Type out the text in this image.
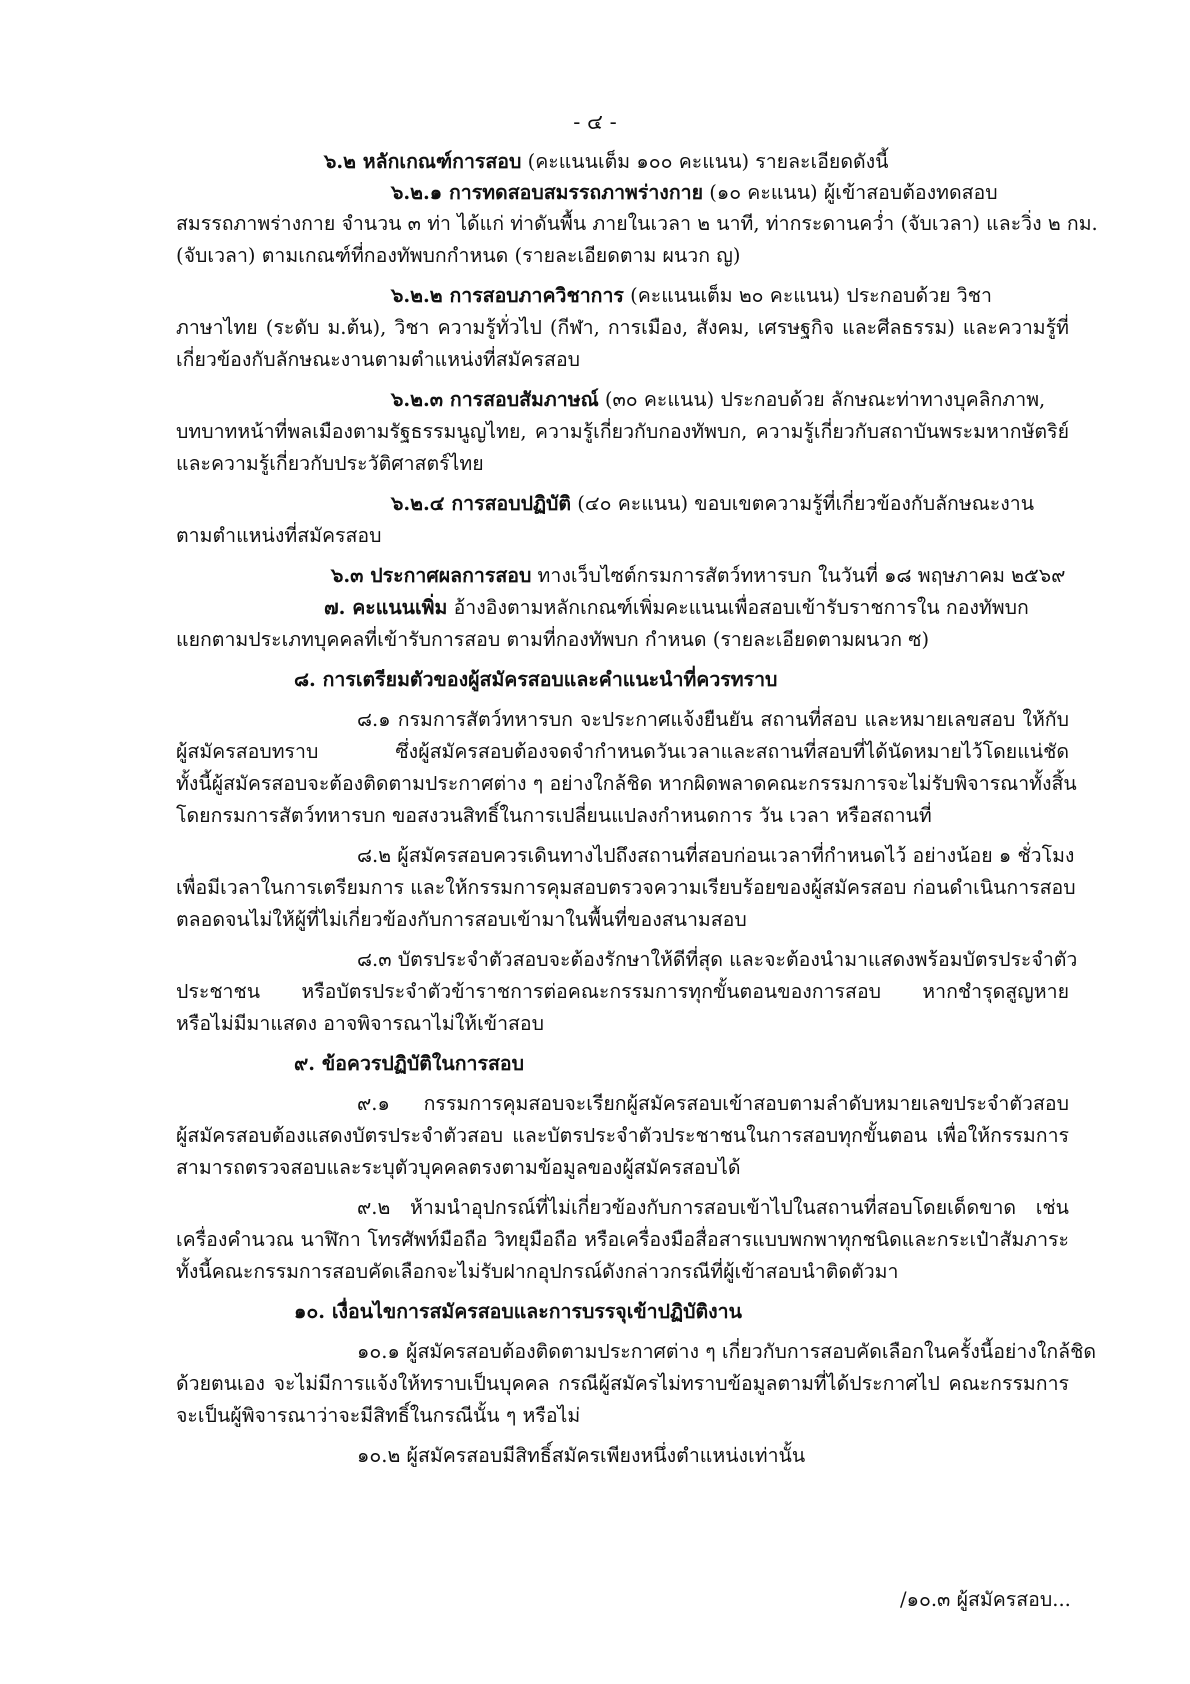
- ๔ -
๖.๒ หลักเกณฑ์การสอบ (คะแนนเต็ม ๑๐๐ คะแนน) รายละเอียดดังนี้
๖.๒.๑ การทดสอบสมรรถภาพร่างกาย (๑๐ คะแนน) ผู้เข้าสอบต้องทดสอบ
สมรรถภาพร่างกาย จำนวน ๓ ท่า ได้แก่ ท่าดันพื้น ภายในเวลา ๒ นาที, ท่ากระดานคว่ำ (จับเวลา) และวิ่ง ๒ กม.
(จับเวลา) ตามเกณฑ์ที่กองทัพบกกำหนด (รายละเอียดตาม ผนวก ญ)
๖.๒.๒ การสอบภาควิชาการ (คะแนนเต็ม ๒๐ คะแนน) ประกอบด้วย วิชา
ภาษาไทย (ระดับ ม.ต้น), วิชา ความรู้ทั่วไป (กีฬา, การเมือง, สังคม, เศรษฐกิจ และศีลธรรม) และความรู้ที่
เกี่ยวข้องกับลักษณะงานตามตำแหน่งที่สมัครสอบ
๖.๒.๓ การสอบสัมภาษณ์ (๓๐ คะแนน) ประกอบด้วย ลักษณะท่าทางบุคลิกภาพ,
บทบาทหน้าที่พลเมืองตามรัฐธรรมนูญไทย, ความรู้เกี่ยวกับกองทัพบก, ความรู้เกี่ยวกับสถาบันพระมหากษัตริย์
และความรู้เกี่ยวกับประวัติศาสตร์ไทย
๖.๒.๔ การสอบปฏิบัติ (๔๐ คะแนน) ขอบเขตความรู้ที่เกี่ยวข้องกับลักษณะงาน
ตามตำแหน่งที่สมัครสอบ
๖.๓ ประกาศผลการสอบ ทางเว็บไซต์กรมการสัตว์ทหารบก ในวันที่ ๑๘ พฤษภาคม ๒๕๖๙
๗. คะแนนเพิ่ม อ้างอิงตามหลักเกณฑ์เพิ่มคะแนนเพื่อสอบเข้ารับราชการใน กองทัพบก
แยกตามประเภทบุคคลที่เข้ารับการสอบ ตามที่กองทัพบก กำหนด (รายละเอียดตามผนวก ซ)
๘. การเตรียมตัวของผู้สมัครสอบและคำแนะนำที่ควรทราบ
๘.๑ กรมการสัตว์ทหารบก จะประกาศแจ้งยืนยัน สถานที่สอบ และหมายเลขสอบ ให้กับ
ผู้สมัครสอบทราบ ซึ่งผู้สมัครสอบต้องจดจำกำหนดวันเวลาและสถานที่สอบที่ได้นัดหมายไว้โดยแน่ชัด
ทั้งนี้ผู้สมัครสอบจะต้องติดตามประกาศต่าง ๆ อย่างใกล้ชิด หากผิดพลาดคณะกรรมการจะไม่รับพิจารณาทั้งสิ้น
โดยกรมการสัตว์ทหารบก ขอสงวนสิทธิ์ในการเปลี่ยนแปลงกำหนดการ วัน เวลา หรือสถานที่
๘.๒ ผู้สมัครสอบควรเดินทางไปถึงสถานที่สอบก่อนเวลาที่กำหนดไว้ อย่างน้อย ๑ ชั่วโมง
เพื่อมีเวลาในการเตรียมการ และให้กรรมการคุมสอบตรวจความเรียบร้อยของผู้สมัครสอบ ก่อนดำเนินการสอบ
ตลอดจนไม่ให้ผู้ที่ไม่เกี่ยวข้องกับการสอบเข้ามาในพื้นที่ของสนามสอบ
๘.๓ บัตรประจำตัวสอบจะต้องรักษาให้ดีที่สุด และจะต้องนำมาแสดงพร้อมบัตรประจำตัว
ประชาชน หรือบัตรประจำตัวข้าราชการต่อคณะกรรมการทุกขั้นตอนของการสอบ หากชำรุดสูญหาย
หรือไม่มีมาแสดง อาจพิจารณาไม่ให้เข้าสอบ
๙. ข้อควรปฏิบัติในการสอบ
๙.๑ กรรมการคุมสอบจะเรียกผู้สมัครสอบเข้าสอบตามลำดับหมายเลขประจำตัวสอบ
ผู้สมัครสอบต้องแสดงบัตรประจำตัวสอบ และบัตรประจำตัวประชาชนในการสอบทุกขั้นตอน เพื่อให้กรรมการ
สามารถตรวจสอบและระบุตัวบุคคลตรงตามข้อมูลของผู้สมัครสอบได้
๙.๒ ห้ามนำอุปกรณ์ที่ไม่เกี่ยวข้องกับการสอบเข้าไปในสถานที่สอบโดยเด็ดขาด เช่น
เครื่องคำนวณ นาฬิกา โทรศัพท์มือถือ วิทยุมือถือ หรือเครื่องมือสื่อสารแบบพกพาทุกชนิดและกระเป๋าสัมภาระ
ทั้งนี้คณะกรรมการสอบคัดเลือกจะไม่รับฝากอุปกรณ์ดังกล่าวกรณีที่ผู้เข้าสอบนำติดตัวมา
๑๐. เงื่อนไขการสมัครสอบและการบรรจุเข้าปฏิบัติงาน
๑๐.๑ ผู้สมัครสอบต้องติดตามประกาศต่าง ๆ เกี่ยวกับการสอบคัดเลือกในครั้งนี้อย่างใกล้ชิด
ด้วยตนเอง จะไม่มีการแจ้งให้ทราบเป็นบุคคล กรณีผู้สมัครไม่ทราบข้อมูลตามที่ได้ประกาศไป คณะกรรมการ
จะเป็นผู้พิจารณาว่าจะมีสิทธิ์ในกรณีนั้น ๆ หรือไม่
๑๐.๒ ผู้สมัครสอบมีสิทธิ์สมัครเพียงหนึ่งตำแหน่งเท่านั้น
/๑๐.๓ ผู้สมัครสอบ...
